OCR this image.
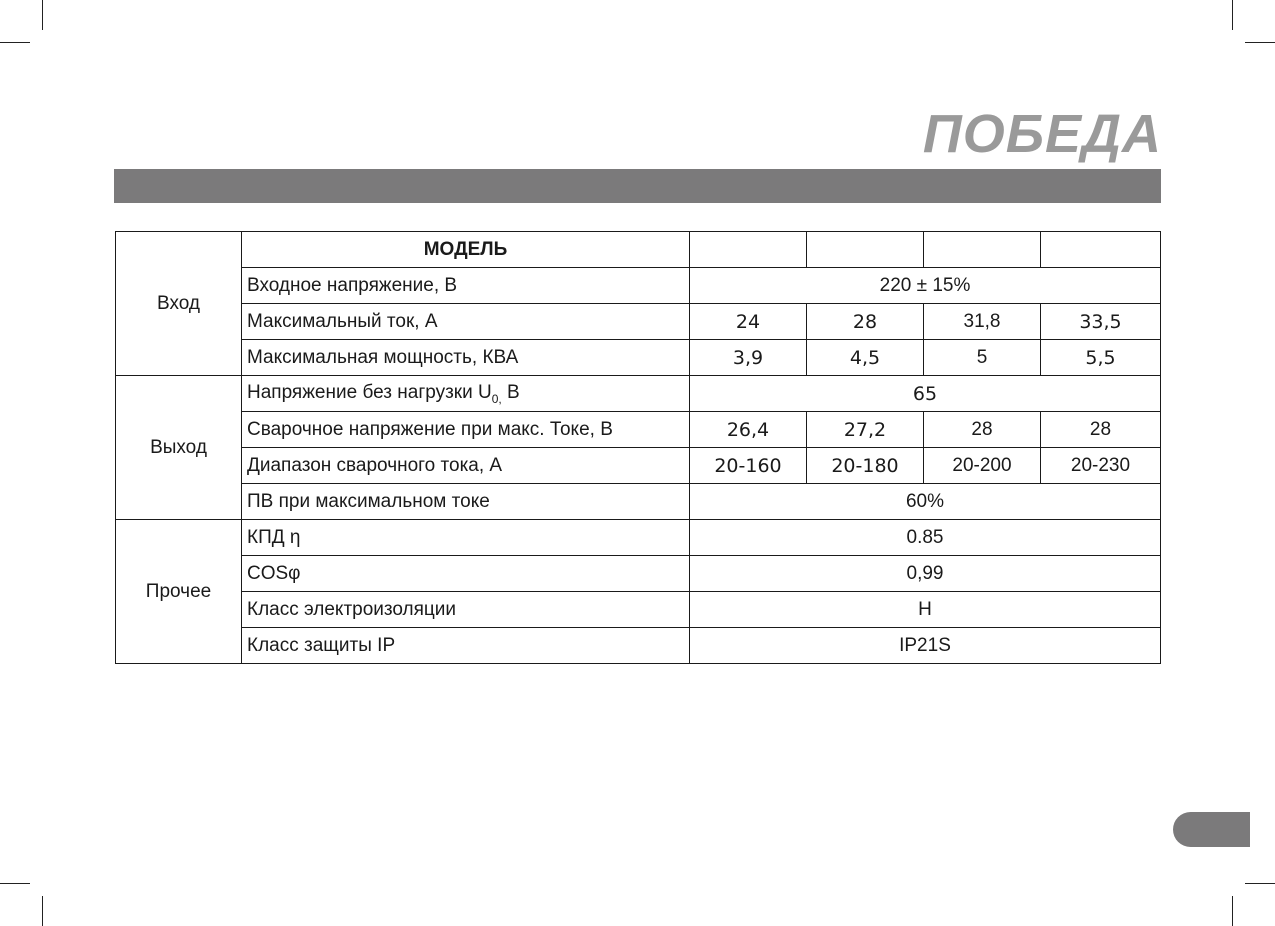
ПОБЕДА
Вход	МОДЕЛЬ				
	Входное напряжение, В	220 ± 15%			
	Максимальный ток, А	24	28	31,8	33,5
	Максимальная мощность, КВА	3,9	4,5	5	5,5
Выход	Напряжение без нагрузки $U_{0,}$ В	65			
	Сварочное напряжение при макс. Токе, В	26,4	27,2	28	28
	Диапазон сварочного тока, А	20-160	20-180	20-200	20-230
	ПВ при максимальном токе	60%			
Прочее	КПД η	0.85			
	COSφ	0,99			
	Класс электроизоляции	H			
	Класс защиты IP	IP21S			
